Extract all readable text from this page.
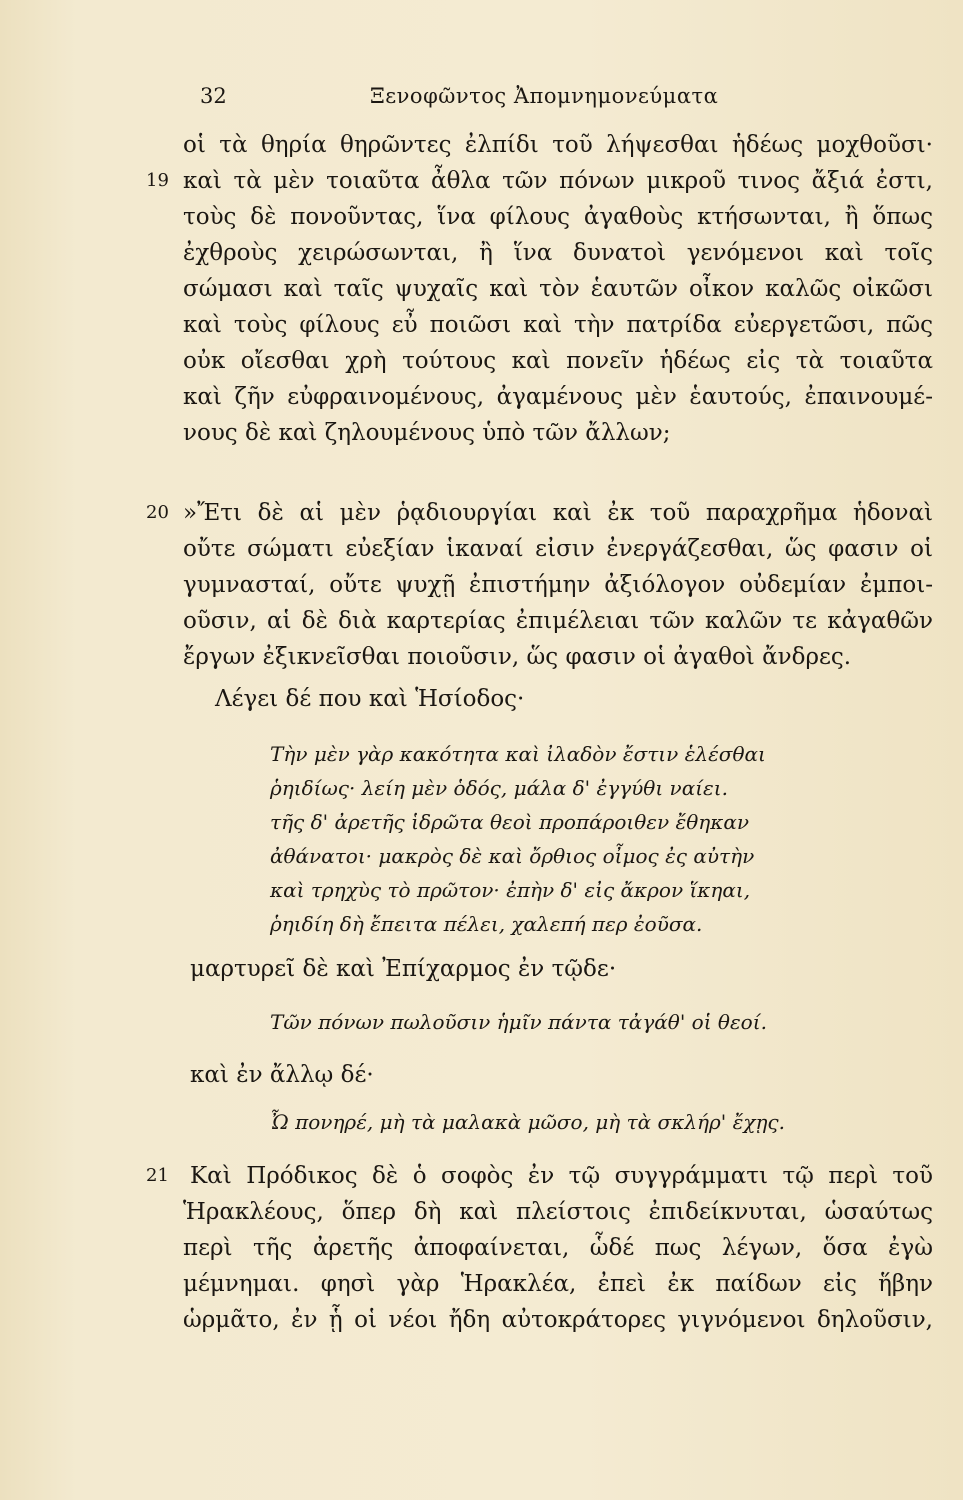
32	Ξενοφῶντος Ἀπομνημονεύματα
19
20
21
οἱ τὰ θηρία θηρῶντες ἐλπίδι τοῦ λήψεσθαι ἡδέως μοχθοῦσι·
καὶ τὰ μὲν τοιαῦτα ἆθλα τῶν πόνων μικροῦ τινος ἄξιά ἐστι,
τοὺς δὲ πονοῦντας, ἵνα φίλους ἀγαθοὺς κτήσωνται, ἢ ὅπως
ἐχθροὺς χειρώσωνται, ἢ ἵνα δυνατοὶ γενόμενοι καὶ τοῖς
σώμασι καὶ ταῖς ψυχαῖς καὶ τὸν ἑαυτῶν οἶκον καλῶς οἰκῶσι
καὶ τοὺς φίλους εὖ ποιῶσι καὶ τὴν πατρίδα εὐεργετῶσι, πῶς
οὐκ οἴεσθαι χρὴ τούτους καὶ πονεῖν ἡδέως εἰς τὰ τοιαῦτα
καὶ ζῆν εὐφραινομένους, ἀγαμένους μὲν ἑαυτούς, ἐπαινουμέ-
νους δὲ καὶ ζηλουμένους ὑπὸ τῶν ἄλλων;
»Ἔτι δὲ αἱ μὲν ῥᾳδιουργίαι καὶ ἐκ τοῦ παραχρῆμα ἡδοναὶ
οὔτε σώματι εὐεξίαν ἱκαναί εἰσιν ἐνεργάζεσθαι, ὥς φασιν οἱ
γυμνασταί, οὔτε ψυχῇ ἐπιστήμην ἀξιόλογον οὐδεμίαν ἐμποι-
οῦσιν, αἱ δὲ διὰ καρτερίας ἐπιμέλειαι τῶν καλῶν τε κἀγαθῶν
ἔργων ἐξικνεῖσθαι ποιοῦσιν, ὥς φασιν οἱ ἀγαθοὶ ἄνδρες.
Λέγει δέ που καὶ Ἡσίοδος·
Τὴν μὲν γὰρ κακότητα καὶ ἰλαδὸν ἔστιν ἑλέσθαι
ῥηιδίως· λείη μὲν ὁδός, μάλα δ' ἐγγύθι ναίει.
τῆς δ' ἀρετῆς ἱδρῶτα θεοὶ προπάροιθεν ἔθηκαν
ἀθάνατοι· μακρὸς δὲ καὶ ὄρθιος οἶμος ἐς αὐτὴν
καὶ τρηχὺς τὸ πρῶτον· ἐπὴν δ' εἰς ἄκρον ἵκηαι,
ῥηιδίη δὴ ἔπειτα πέλει, χαλεπή περ ἐοῦσα.
μαρτυρεῖ δὲ καὶ Ἐπίχαρμος ἐν τῷδε·
Τῶν πόνων πωλοῦσιν ἡμῖν πάντα τἀγάθ' οἱ θεοί.
καὶ ἐν ἄλλῳ δέ·
Ὦ πονηρέ, μὴ τὰ μαλακὰ μῶσο, μὴ τὰ σκλήρ' ἔχῃς.
Καὶ Πρόδικος δὲ ὁ σοφὸς ἐν τῷ συγγράμματι τῷ περὶ τοῦ
Ἡρακλέους, ὅπερ δὴ καὶ πλείστοις ἐπιδείκνυται, ὡσαύτως
περὶ τῆς ἀρετῆς ἀποφαίνεται, ὧδέ πως λέγων, ὅσα ἐγὼ
μέμνημαι. φησὶ γὰρ Ἡρακλέα, ἐπεὶ ἐκ παίδων εἰς ἥβην
ὡρμᾶτο, ἐν ᾗ οἱ νέοι ἤδη αὐτοκράτορες γιγνόμενοι δηλοῦσιν,
